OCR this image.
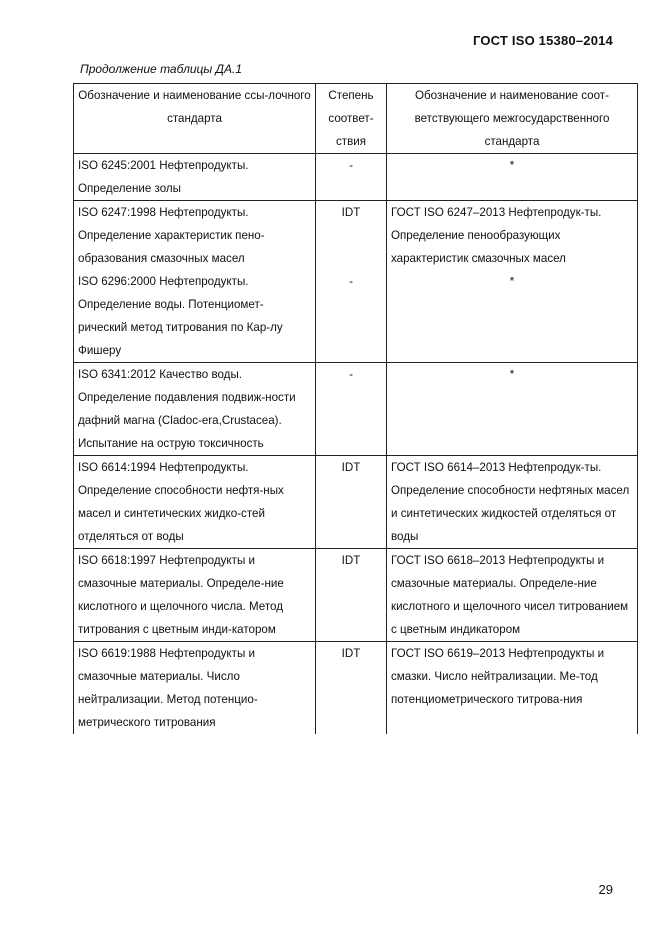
ГОСТ ISO 15380–2014
Продолжение таблицы ДА.1
Обозначение и наименование ссы-лочного стандарта	Степень соответ-ствия	Обозначение и наименование соот-ветствующего межгосударственного стандарта
ISO 6245:2001 Нефтепродукты. Определение золы	-	*
ISO 6247:1998 Нефтепродукты. Определение характеристик пено-образования смазочных масел	IDT	ГОСТ ISO 6247–2013 Нефтепродук-ты. Определение пенообразующих характеристик смазочных масел
ISO 6296:2000 Нефтепродукты. Определение воды. Потенциомет-рический метод титрования по Кар-лу Фишеру	-	*
ISO 6341:2012 Качество воды. Определение подавления подвиж-ности дафний магна (Cladoc-era,Crustacea). Испытание на острую токсичность	-	*
ISO 6614:1994 Нефтепродукты. Определение способности нефтя-ных масел и синтетических жидко-стей отделяться от воды	IDT	ГОСТ ISO 6614–2013 Нефтепродук-ты. Определение способности нефтяных масел и синтетических жидкостей отделяться от воды
ISO 6618:1997 Нефтепродукты и смазочные материалы. Определе-ние кислотного и щелочного числа. Метод титрования с цветным инди-катором	IDT	ГОСТ ISO 6618–2013 Нефтепродукты и смазочные материалы. Определе-ние кислотного и щелочного чисел титрованием с цветным индикатором
ISO 6619:1988 Нефтепродукты и смазочные материалы. Число нейтрализации. Метод потенцио-метрического титрования	IDT	ГОСТ ISO 6619–2013 Нефтепродукты и смазки. Число нейтрализации. Ме-тод потенциометрического титрова-ния
29
